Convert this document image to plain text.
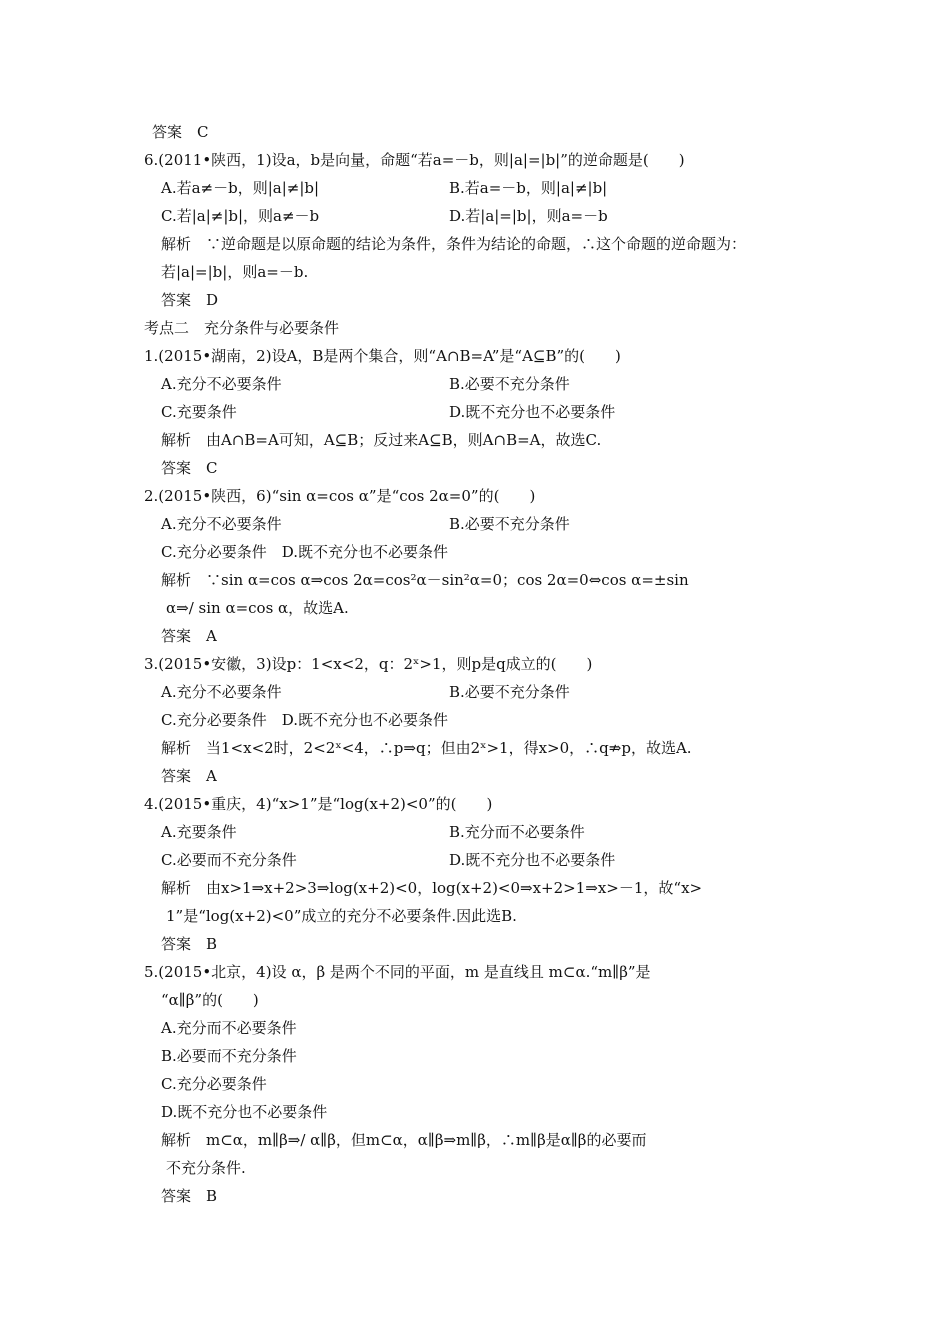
答案　C
6.(2011•陕西，1)设a，b是向量，命题“若a=－b，则|a|=|b|”的逆命题是(　　)
A.若a≠－b，则|a|≠|b|	B.若a=－b，则|a|≠|b|
C.若|a|≠|b|，则a≠－b	D.若|a|=|b|，则a=－b
解析　∵逆命题是以原命题的结论为条件，条件为结论的命题，∴这个命题的逆命题为：
若|a|=|b|，则a=－b.
答案　D
考点二　充分条件与必要条件
1.(2015•湖南，2)设A，B是两个集合，则“A∩B=A”是“A⊆B”的(　　)
A.充分不必要条件	B.必要不充分条件
C.充要条件	D.既不充分也不必要条件
解析　由A∩B=A可知，A⊆B；反过来A⊆B，则A∩B=A，故选C.
答案　C
2.(2015•陕西，6)“sin α=cos α”是“cos 2α=0”的(　　)
A.充分不必要条件	B.必要不充分条件
C.充分必要条件　D.既不充分也不必要条件
解析　∵sin α=cos α⇒cos 2α=cos²α－sin²α=0；cos 2α=0⇔cos α=±sin
α⇒/ sin α=cos α，故选A.
答案　A
3.(2015•安徽，3)设p：1<x<2，q：2ˣ>1，则p是q成立的(　　)
A.充分不必要条件	B.必要不充分条件
C.充分必要条件　D.既不充分也不必要条件
解析　当1<x<2时，2<2ˣ<4，∴p⇒q；但由2ˣ>1，得x>0，∴q⇏p，故选A.
答案　A
4.(2015•重庆，4)“x>1”是“log(x+2)<0”的(　　)
A.充要条件	B.充分而不必要条件
C.必要而不充分条件	D.既不充分也不必要条件
解析　由x>1⇒x+2>3⇒log(x+2)<0，log(x+2)<0⇒x+2>1⇒x>－1，故“x>
1”是“log(x+2)<0”成立的充分不必要条件.因此选B.
答案　B
5.(2015•北京，4)设 α，β 是两个不同的平面，m 是直线且 m⊂α.“m∥β”是
“α∥β”的(　　)
A.充分而不必要条件
B.必要而不充分条件
C.充分必要条件
D.既不充分也不必要条件
解析　m⊂α，m∥β⇒/ α∥β，但m⊂α，α∥β⇒m∥β，∴m∥β是α∥β的必要而
不充分条件.
答案　B
